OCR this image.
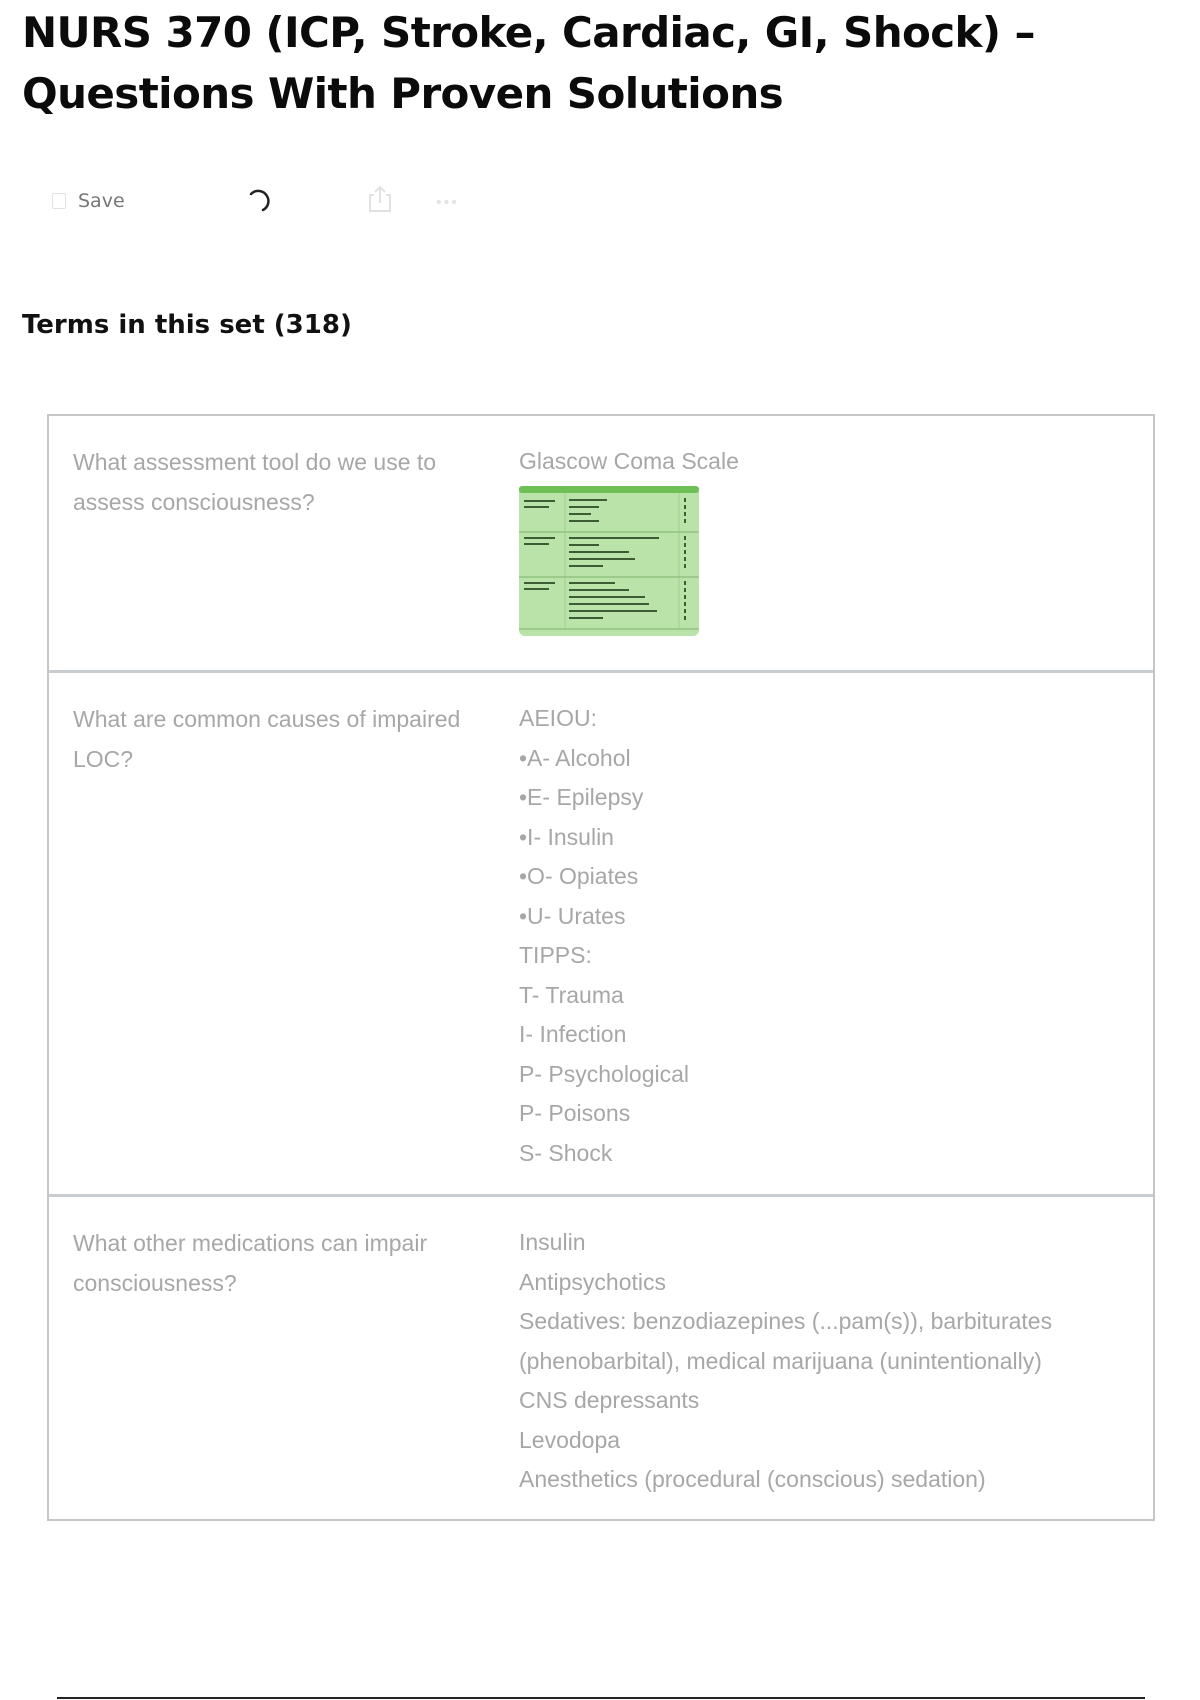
NURS 370 (ICP, Stroke, Cardiac, GI, Shock) – Questions With Proven Solutions
Save	•••
Terms in this set (318)
What assessment tool do we use to assess consciousness?
Glascow Coma Scale
What are common causes of impaired LOC?
AEIOU:
•A- Alcohol
•E- Epilepsy
•I- Insulin
•O- Opiates
•U- Urates
TIPPS:
T- Trauma
I- Infection
P- Psychological
P- Poisons
S- Shock
What other medications can impair consciousness?
Insulin
Antipsychotics
Sedatives: benzodiazepines (...pam(s)), barbiturates
(phenobarbital), medical marijuana (unintentionally)
CNS depressants
Levodopa
Anesthetics (procedural (conscious) sedation)
